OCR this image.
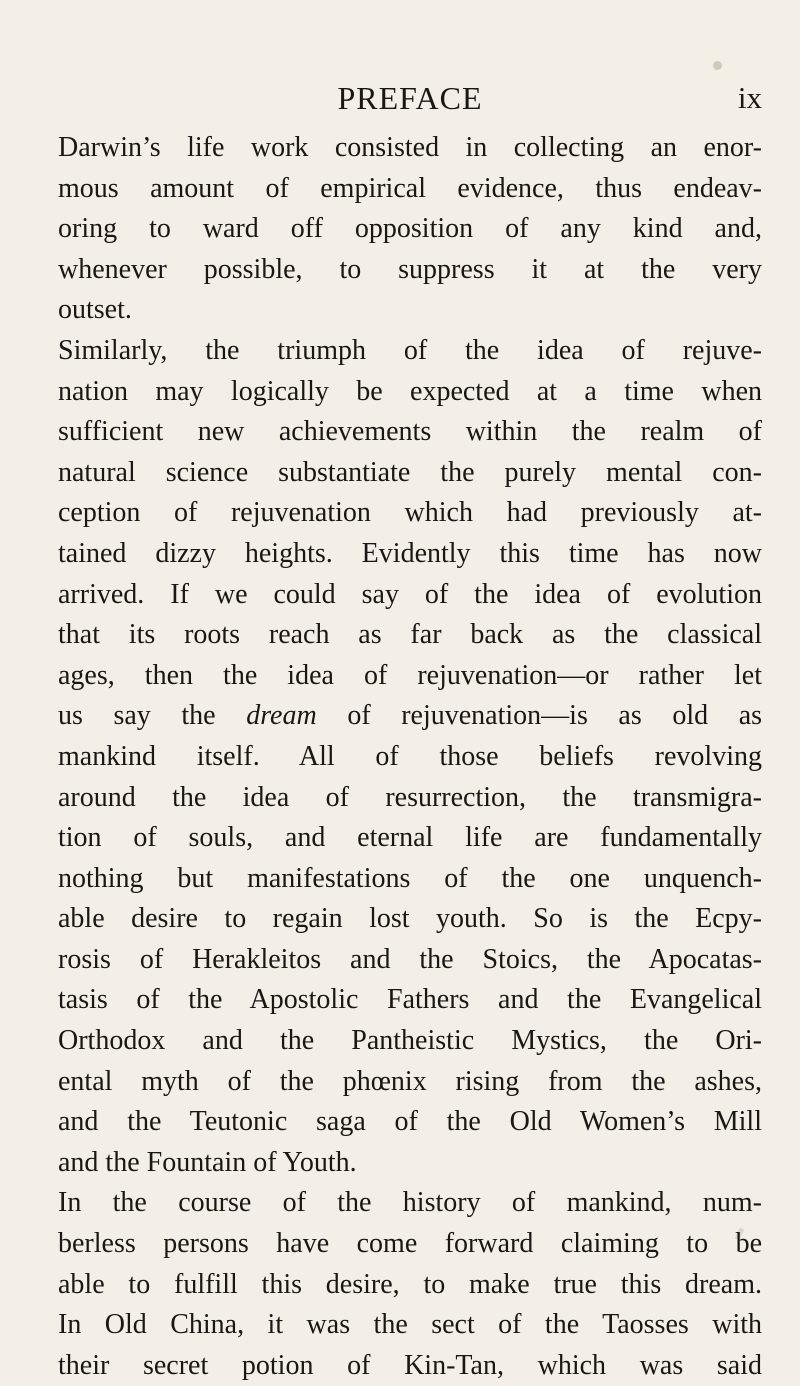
PREFACE	ix
Darwin’s life work consisted in collecting an enor-
mous amount of empirical evidence, thus endeav-
oring to ward off opposition of any kind and,
whenever possible, to suppress it at the very
outset.
Similarly, the triumph of the idea of rejuve-
nation may logically be expected at a time when
sufficient new achievements within the realm of
natural science substantiate the purely mental con-
ception of rejuvenation which had previously at-
tained dizzy heights. Evidently this time has now
arrived. If we could say of the idea of evolution
that its roots reach as far back as the classical
ages, then the idea of rejuvenation—or rather let
us say the dream of rejuvenation—is as old as
mankind itself. All of those beliefs revolving
around the idea of resurrection, the transmigra-
tion of souls, and eternal life are fundamentally
nothing but manifestations of the one unquench-
able desire to regain lost youth. So is the Ecpy-
rosis of Herakleitos and the Stoics, the Apocatas-
tasis of the Apostolic Fathers and the Evangelical
Orthodox and the Pantheistic Mystics, the Ori-
ental myth of the phœnix rising from the ashes,
and the Teutonic saga of the Old Women’s Mill
and the Fountain of Youth.
In the course of the history of mankind, num-
berless persons have come forward claiming to be
able to fulfill this desire, to make true this dream.
In Old China, it was the sect of the Taosses with
their secret potion of Kin-Tan, which was said
